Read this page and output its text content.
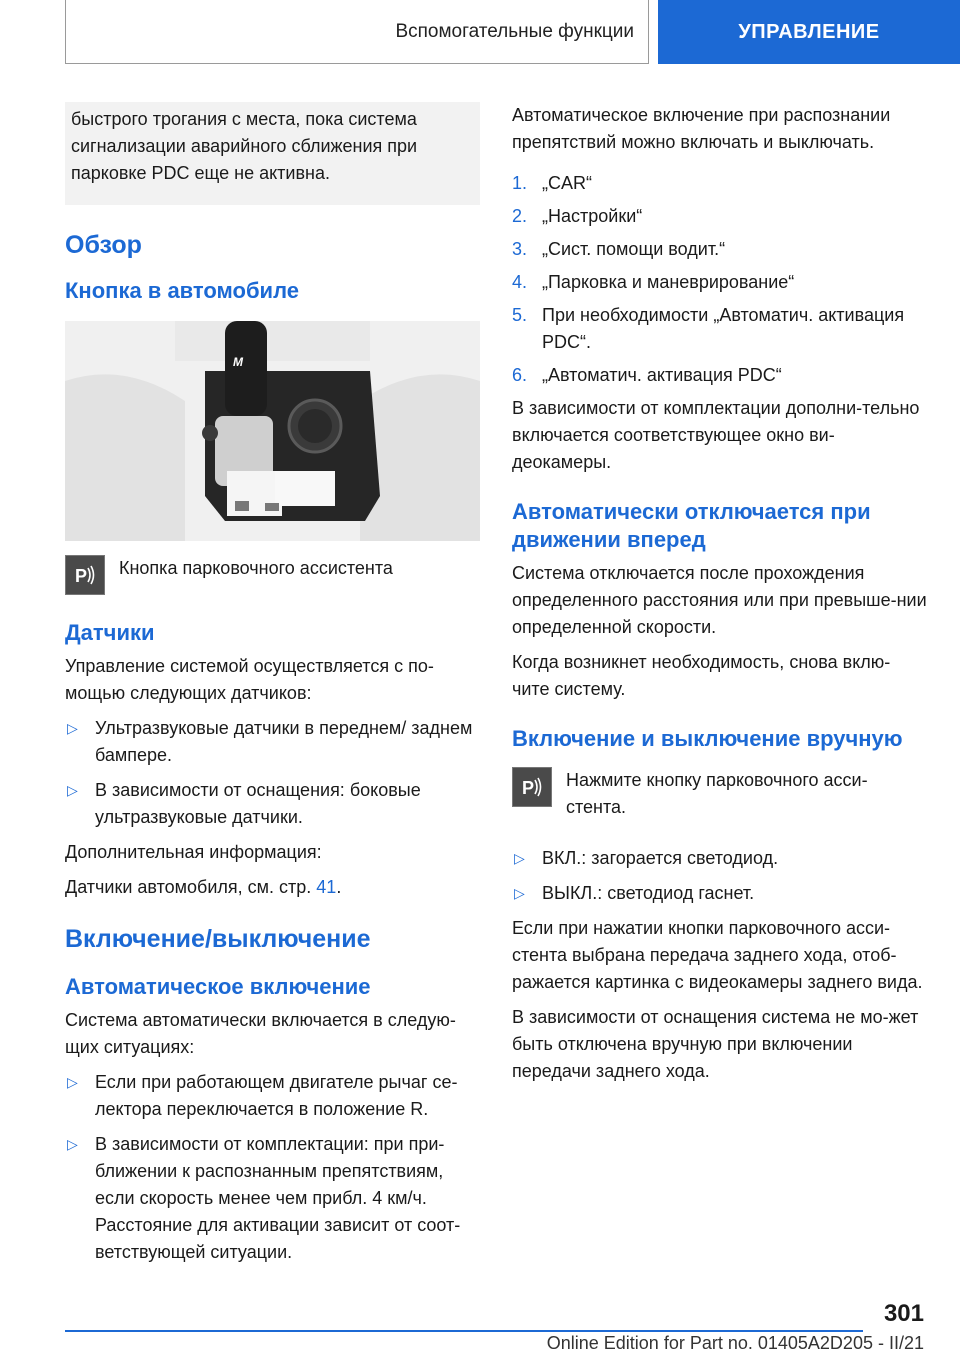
Вспомогательные функции	УПРАВЛЕНИЕ

быстрого трогания с места, пока система сигнализации аварийного сближения при парковке PDC еще не активна.

Обзор
Кнопка в автомобиле
M
P Кнопка парковочного ассистента

Датчики

Управление системой осуществляется с по-мощью следующих датчиков:

▷ Ультразвуковые датчики в переднем/ заднем бампере.
▷ В зависимости от оснащения: боковые ультразвуковые датчики.

Дополнительная информация:

Датчики автомобиля, см. стр. 41.

Включение/выключение
Автоматическое включение

Система автоматически включается в следую-щих ситуациях:

▷ Если при работающем двигателе рычаг се-лектора переключается в положение R.
▷ В зависимости от комплектации: при при-ближении к распознанным препятствиям, если скорость менее чем прибл. 4 км/ч. Расстояние для активации зависит от соот-ветствующей ситуации.

Автоматическое включение при распознании препятствий можно включать и выключать.

1. „CAR“
2. „Настройки“
3. „Сист. помощи водит.“
4. „Парковка и маневрирование“
5. При необходимости „Автоматич. активация PDC“.
6. „Автоматич. активация PDC“

В зависимости от комплектации дополни-тельно включается соответствующее окно ви-деокамеры.

Автоматически отключается при движении вперед

Система отключается после прохождения определенного расстояния или при превыше-нии определенной скорости.

Когда возникнет необходимость, снова вклю-чите систему.

Включение и выключение вручную
P Нажмите кнопку парковочного асси-стента.

▷ ВКЛ.: загорается светодиод.
▷ ВЫКЛ.: светодиод гаснет.

Если при нажатии кнопки парковочного асси-стента выбрана передача заднего хода, отоб-ражается картинка с видеокамеры заднего вида.

В зависимости от оснащения система не мо-жет быть отключена вручную при включении передачи заднего хода.

301
Online Edition for Part no. 01405A2D205 - II/21
